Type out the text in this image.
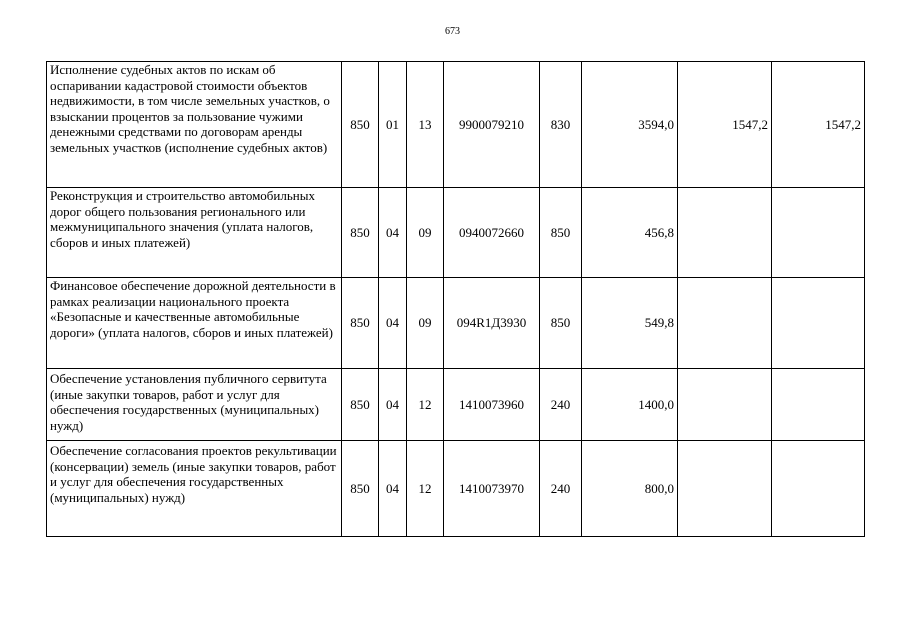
673
Исполнение судебных актов по искам об оспаривании кадастровой стоимости объектов недвижимости, в том числе земельных участков, о взыскании процентов за пользование чужими денежными средствами по договорам аренды земельных участков (исполнение судебных актов)	850	01	13	9900079210	830	3594,0	1547,2	1547,2
Реконструкция и строительство автомобильных дорог общего пользования регионального или межмуниципального значения (уплата налогов, сборов и иных платежей)	850	04	09	0940072660	850	456,8		
Финансовое обеспечение дорожной деятельности в рамках реализации национального проекта «Безопасные и качественные автомобильные дороги» (уплата налогов, сборов и иных платежей)	850	04	09	094R1Д3930	850	549,8		
Обеспечение установления публичного сервитута (иные закупки товаров, работ и услуг для обеспечения государственных (муниципальных) нужд)	850	04	12	1410073960	240	1400,0		
Обеспечение согласования проектов рекультивации (консервации) земель (иные закупки товаров, работ и услуг для обеспечения государственных (муниципальных) нужд)	850	04	12	1410073970	240	800,0		
